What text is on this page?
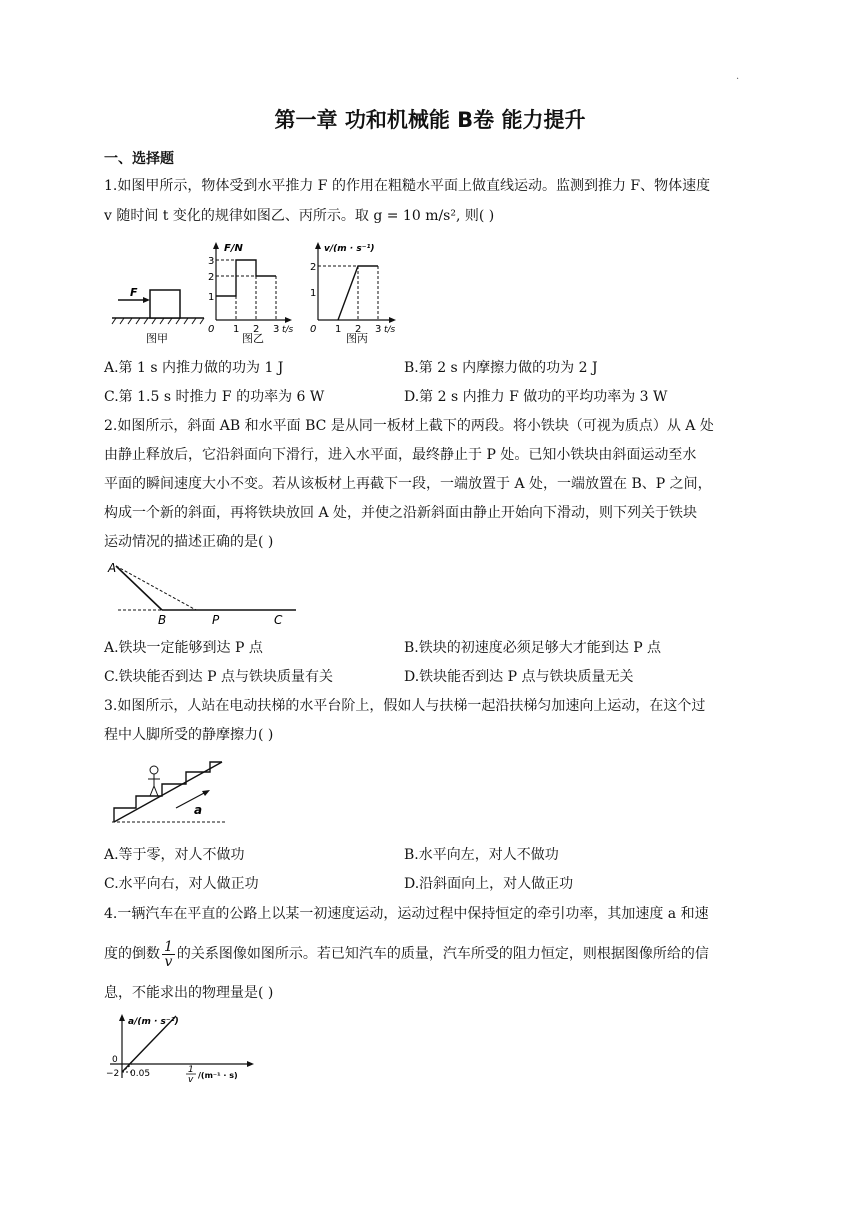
·
第一章 功和机械能 B卷 能力提升
一、选择题
1.如图甲所示，物体受到水平推力 F 的作用在粗糙水平面上做直线运动。监测到推力 F、物体速度
v 随时间 t 变化的规律如图乙、丙所示。取 g = 10 m/s², 则( )
F
图甲
F/N
3
2
1
0 1 2 3 t/s
图乙
v/(m · s⁻¹)
2
1
0 1 2 3 t/s
图丙
A.第 1 s 内推力做的功为 1 J	B.第 2 s 内摩擦力做的功为 2 J
C.第 1.5 s 时推力 F 的功率为 6 W	D.第 2 s 内推力 F 做功的平均功率为 3 W
2.如图所示，斜面 AB 和水平面 BC 是从同一板材上截下的两段。将小铁块（可视为质点）从 A 处
由静止释放后，它沿斜面向下滑行，进入水平面，最终静止于 P 处。已知小铁块由斜面运动至水
平面的瞬间速度大小不变。若从该板材上再截下一段，一端放置于 A 处，一端放置在 B、P 之间，
构成一个新的斜面，再将铁块放回 A 处，并使之沿新斜面由静止开始向下滑动，则下列关于铁块
运动情况的描述正确的是( )
A
B	P	C
A.铁块一定能够到达 P 点	B.铁块的初速度必须足够大才能到达 P 点
C.铁块能否到达 P 点与铁块质量有关	D.铁块能否到达 P 点与铁块质量无关
3.如图所示，人站在电动扶梯的水平台阶上，假如人与扶梯一起沿扶梯匀加速向上运动，在这个过
程中人脚所受的静摩擦力( )
a
A.等于零，对人不做功	B.水平向左，对人不做功
C.水平向右，对人做正功	D.沿斜面向上，对人做正功
4.一辆汽车在平直的公路上以某一初速度运动，运动过程中保持恒定的牵引功率，其加速度 a 和速
度的倒数 $\frac{1}{v}$ 的关系图像如图所示。若已知汽车的质量，汽车所受的阻力恒定，则根据图像所给的信
息，不能求出的物理量是( )
a/(m · s⁻²)
0
−2 0.05	1
v /(m⁻¹ · s)
